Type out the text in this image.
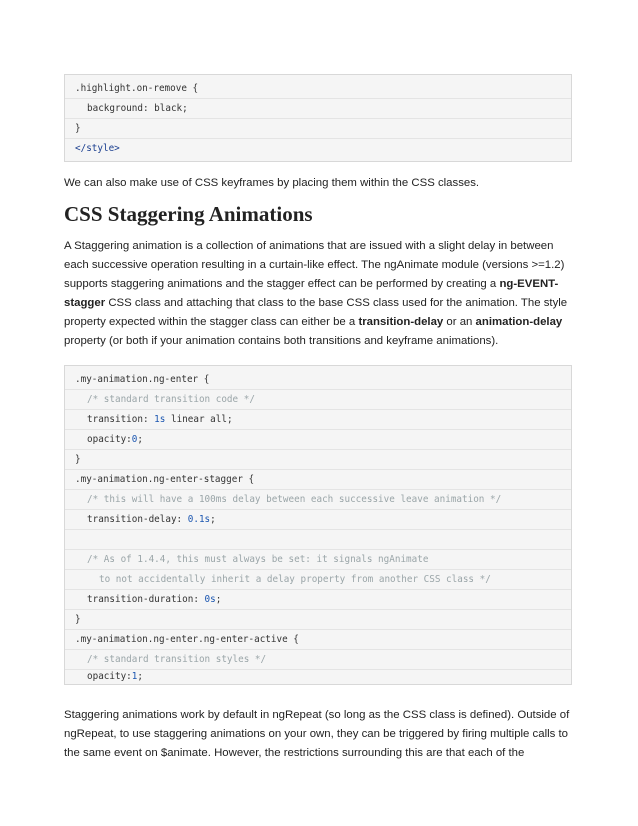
.highlight.on-remove {
background: black;
}
</style>

We can also make use of CSS keyframes by placing them within the CSS classes.

CSS Staggering Animations

A Staggering animation is a collection of animations that are issued with a slight delay in between each successive operation resulting in a curtain-like effect. The ngAnimate module (versions >=1.2) supports staggering animations and the stagger effect can be performed by creating a ng-EVENT-stagger CSS class and attaching that class to the base CSS class used for the animation. The style property expected within the stagger class can either be a transition-delay or an animation-delay property (or both if your animation contains both transitions and keyframe animations).

.my-animation.ng-enter {
/* standard transition code */
transition: 1s linear all;
opacity:0;
}
.my-animation.ng-enter-stagger {
/* this will have a 100ms delay between each successive leave animation */
transition-delay: 0.1s;
/* As of 1.4.4, this must always be set: it signals ngAnimate
to not accidentally inherit a delay property from another CSS class */
transition-duration: 0s;
}
.my-animation.ng-enter.ng-enter-active {
/* standard transition styles */
opacity:1;

Staggering animations work by default in ngRepeat (so long as the CSS class is defined). Outside of ngRepeat, to use staggering animations on your own, they can be triggered by firing multiple calls to the same event on $animate. However, the restrictions surrounding this are that each of the
